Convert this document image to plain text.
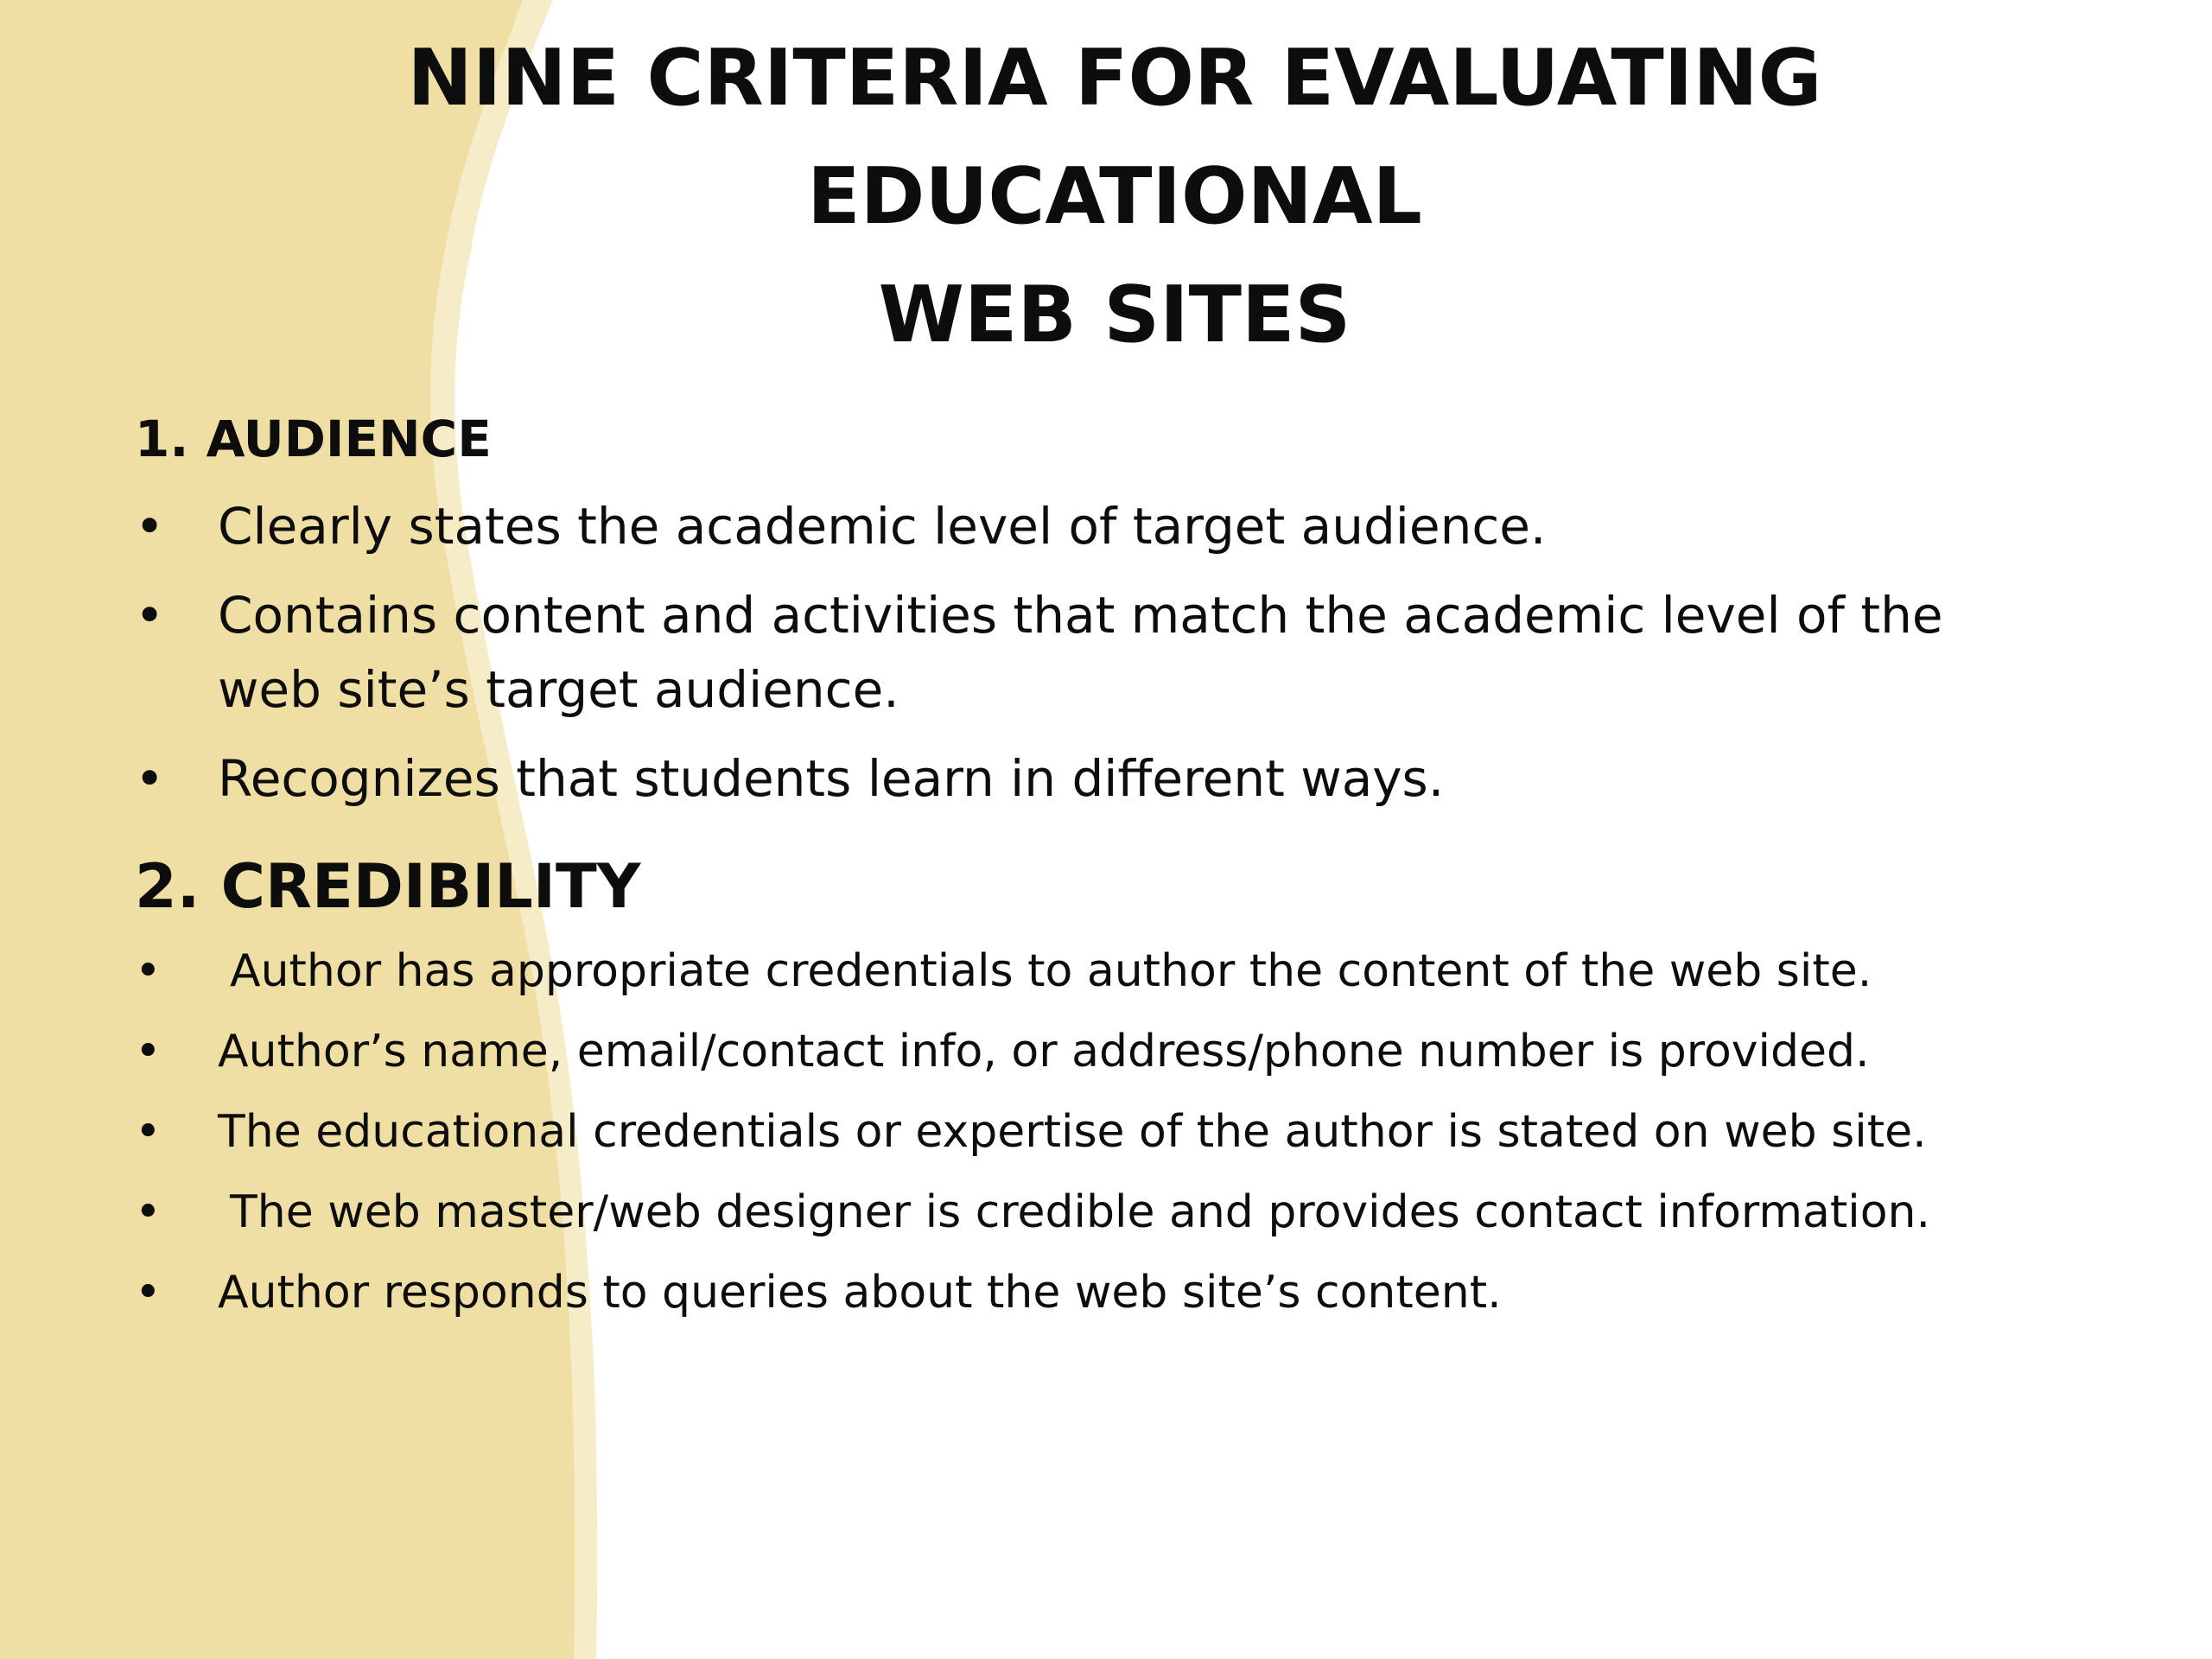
NINE CRITERIA FOR EVALUATING EDUCATIONAL
WEB SITES
1. AUDIENCE
• Clearly states the academic level of target audience.
• Contains content and activities that match the academic level of the web site’s target audience.
• Recognizes that students learn in different ways.
2. CREDIBILITY
• Author has appropriate credentials to author the content of the web site.
• Author’s name, email/contact info, or address/phone number is provided.
• The educational credentials or expertise of the author is stated on web site.
• The web master/web designer is credible and provides contact information.
• Author responds to queries about the web site’s content.
